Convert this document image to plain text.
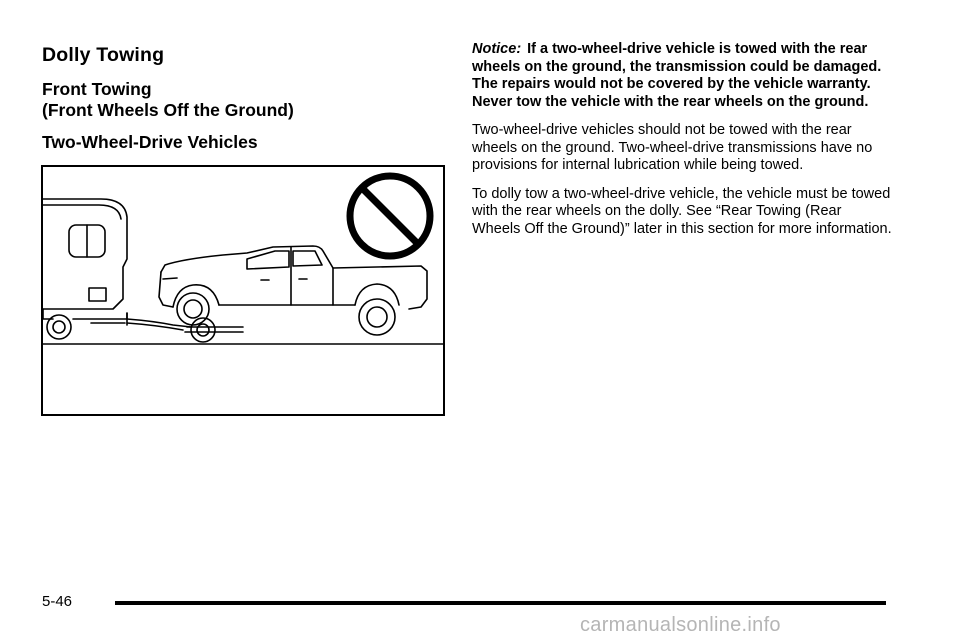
Dolly Towing
Front Towing
(Front Wheels Off the Ground)
Two-Wheel-Drive Vehicles

Notice: If a two-wheel-drive vehicle is towed with the rear wheels on the ground, the transmission could be damaged. The repairs would not be covered by the vehicle warranty. Never tow the vehicle with the rear wheels on the ground.

Two-wheel-drive vehicles should not be towed with the rear wheels on the ground. Two-wheel-drive transmissions have no provisions for internal lubrication while being towed.

To dolly tow a two-wheel-drive vehicle, the vehicle must be towed with the rear wheels on the dolly. See “Rear Towing (Rear Wheels Off the Ground)” later in this section for more information.

5-46
carmanualsonline.info
